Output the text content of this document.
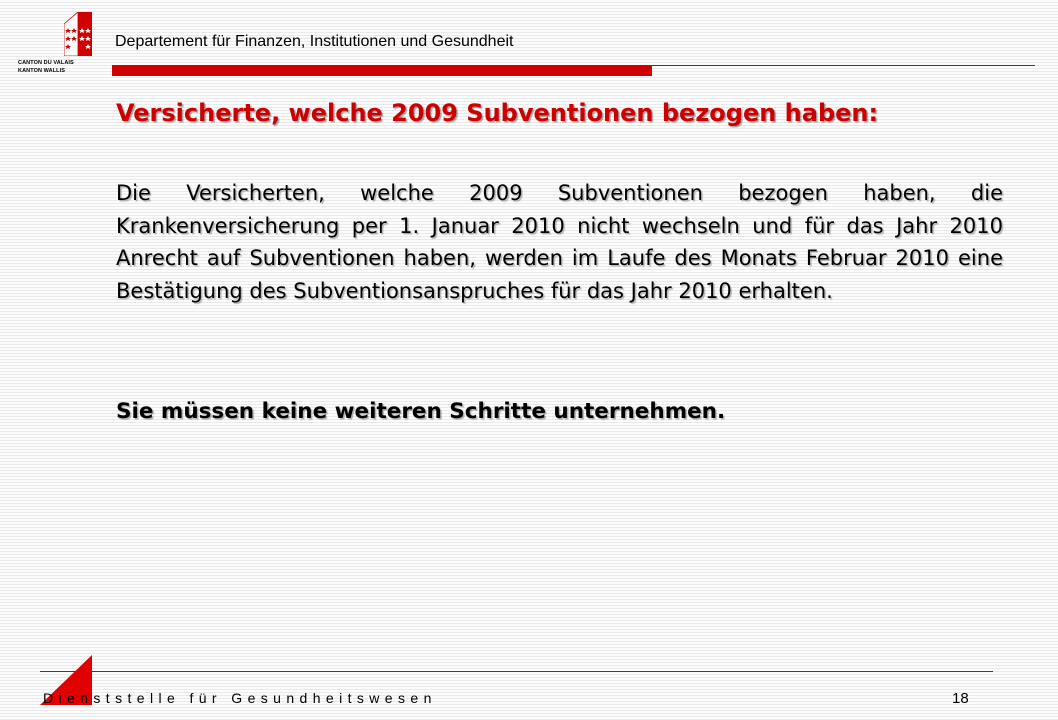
CANTON DU VALAIS
KANTON WALLIS
Departement für Finanzen, Institutionen und Gesundheit
Versicherte, welche 2009 Subventionen bezogen haben:
Die Versicherten, welche 2009 Subventionen bezogen haben, die Krankenversicherung per 1. Januar 2010 nicht wechseln und für das Jahr 2010 Anrecht auf Subventionen haben, werden im Laufe des Monats Februar 2010 eine Bestätigung des Subventionsanspruches für das Jahr 2010 erhalten.
Sie müssen keine weiteren Schritte unternehmen.
Dienststelle für Gesundheitswesen	18
